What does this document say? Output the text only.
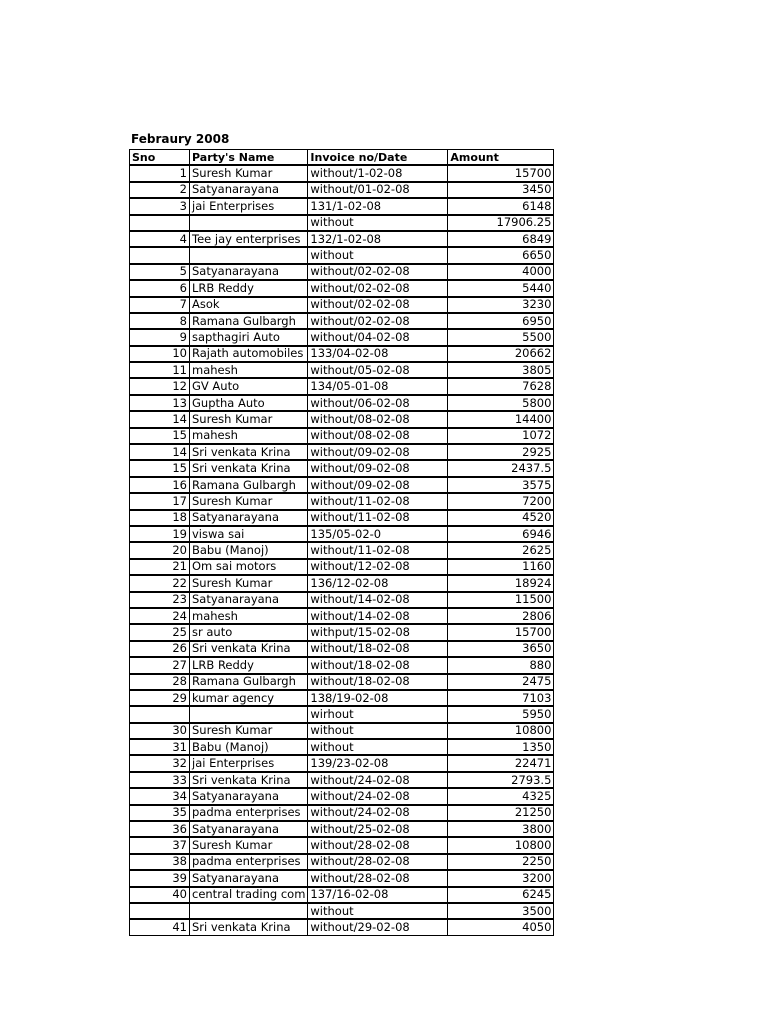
Febraury 2008
Sno	Party's Name	Invoice no/Date	Amount
1	Suresh Kumar	without/1-02-08	15700
2	Satyanarayana	without/01-02-08	3450
3	jai Enterprises	131/1-02-08	6148
		without	17906.25
4	Tee jay enterprises	132/1-02-08	6849
		without	6650
5	Satyanarayana	without/02-02-08	4000
6	LRB Reddy	without/02-02-08	5440
7	Asok	without/02-02-08	3230
8	Ramana Gulbargh	without/02-02-08	6950
9	sapthagiri Auto	without/04-02-08	5500
10	Rajath automobiles	133/04-02-08	20662
11	mahesh	without/05-02-08	3805
12	GV Auto	134/05-01-08	7628
13	Guptha Auto	without/06-02-08	5800
14	Suresh Kumar	without/08-02-08	14400
15	mahesh	without/08-02-08	1072
14	Sri venkata Krina	without/09-02-08	2925
15	Sri venkata Krina	without/09-02-08	2437.5
16	Ramana Gulbargh	without/09-02-08	3575
17	Suresh Kumar	without/11-02-08	7200
18	Satyanarayana	without/11-02-08	4520
19	viswa sai	135/05-02-0	6946
20	Babu (Manoj)	without/11-02-08	2625
21	Om sai motors	without/12-02-08	1160
22	Suresh Kumar	136/12-02-08	18924
23	Satyanarayana	without/14-02-08	11500
24	mahesh	without/14-02-08	2806
25	sr auto	withput/15-02-08	15700
26	Sri venkata Krina	without/18-02-08	3650
27	LRB Reddy	without/18-02-08	880
28	Ramana Gulbargh	without/18-02-08	2475
29	kumar agency	138/19-02-08	7103
		wirhout	5950
30	Suresh Kumar	without	10800
31	Babu (Manoj)	without	1350
32	jai Enterprises	139/23-02-08	22471
33	Sri venkata Krina	without/24-02-08	2793.5
34	Satyanarayana	without/24-02-08	4325
35	padma enterprises	without/24-02-08	21250
36	Satyanarayana	without/25-02-08	3800
37	Suresh Kumar	without/28-02-08	10800
38	padma enterprises	without/28-02-08	2250
39	Satyanarayana	without/28-02-08	3200
40	central trading com	137/16-02-08	6245
		without	3500
41	Sri venkata Krina	without/29-02-08	4050
